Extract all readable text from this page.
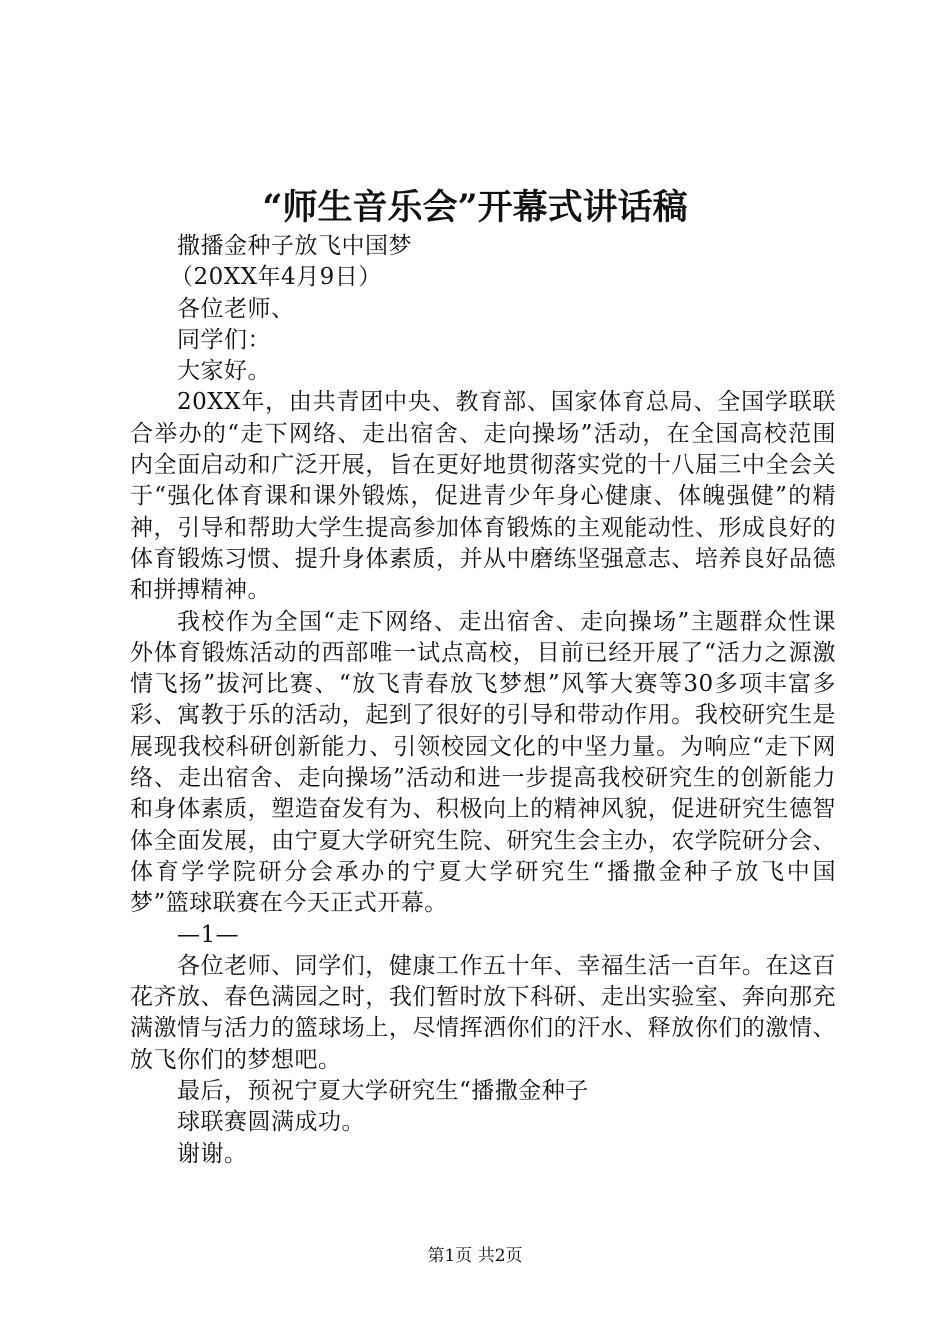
“师生音乐会”开幕式讲话稿
撒播金种子放飞中国梦
（20XX年4月9日）
各位老师、
同学们：
大家好。

20XX年，由共青团中央、教育部、国家体育总局、全国学联联合举办的“走下网络、走出宿舍、走向操场”活动，在全国高校范围内全面启动和广泛开展，旨在更好地贯彻落实党的十八届三中全会关于“强化体育课和课外锻炼，促进青少年身心健康、体魄强健”的精神，引导和帮助大学生提高参加体育锻炼的主观能动性、形成良好的体育锻炼习惯、提升身体素质，并从中磨练坚强意志、培养良好品德和拼搏精神。

我校作为全国“走下网络、走出宿舍、走向操场”主题群众性课外体育锻炼活动的西部唯一试点高校，目前已经开展了“活力之源激情飞扬”拔河比赛、“放飞青春放飞梦想”风筝大赛等30多项丰富多彩、寓教于乐的活动，起到了很好的引导和带动作用。我校研究生是展现我校科研创新能力、引领校园文化的中坚力量。为响应“走下网络、走出宿舍、走向操场”活动和进一步提高我校研究生的创新能力和身体素质，塑造奋发有为、积极向上的精神风貌，促进研究生德智体全面发展，由宁夏大学研究生院、研究生会主办，农学院研分会、体育学学院研分会承办的宁夏大学研究生“播撒金种子放飞中国梦”篮球联赛在今天正式开幕。

—1—

各位老师、同学们，健康工作五十年、幸福生活一百年。在这百花齐放、春色满园之时，我们暂时放下科研、走出实验室、奔向那充满激情与活力的篮球场上，尽情挥洒你们的汗水、释放你们的激情、放飞你们的梦想吧。

最后，预祝宁夏大学研究生“播撒金种子
球联赛圆满成功。
谢谢。
第1页 共2页
